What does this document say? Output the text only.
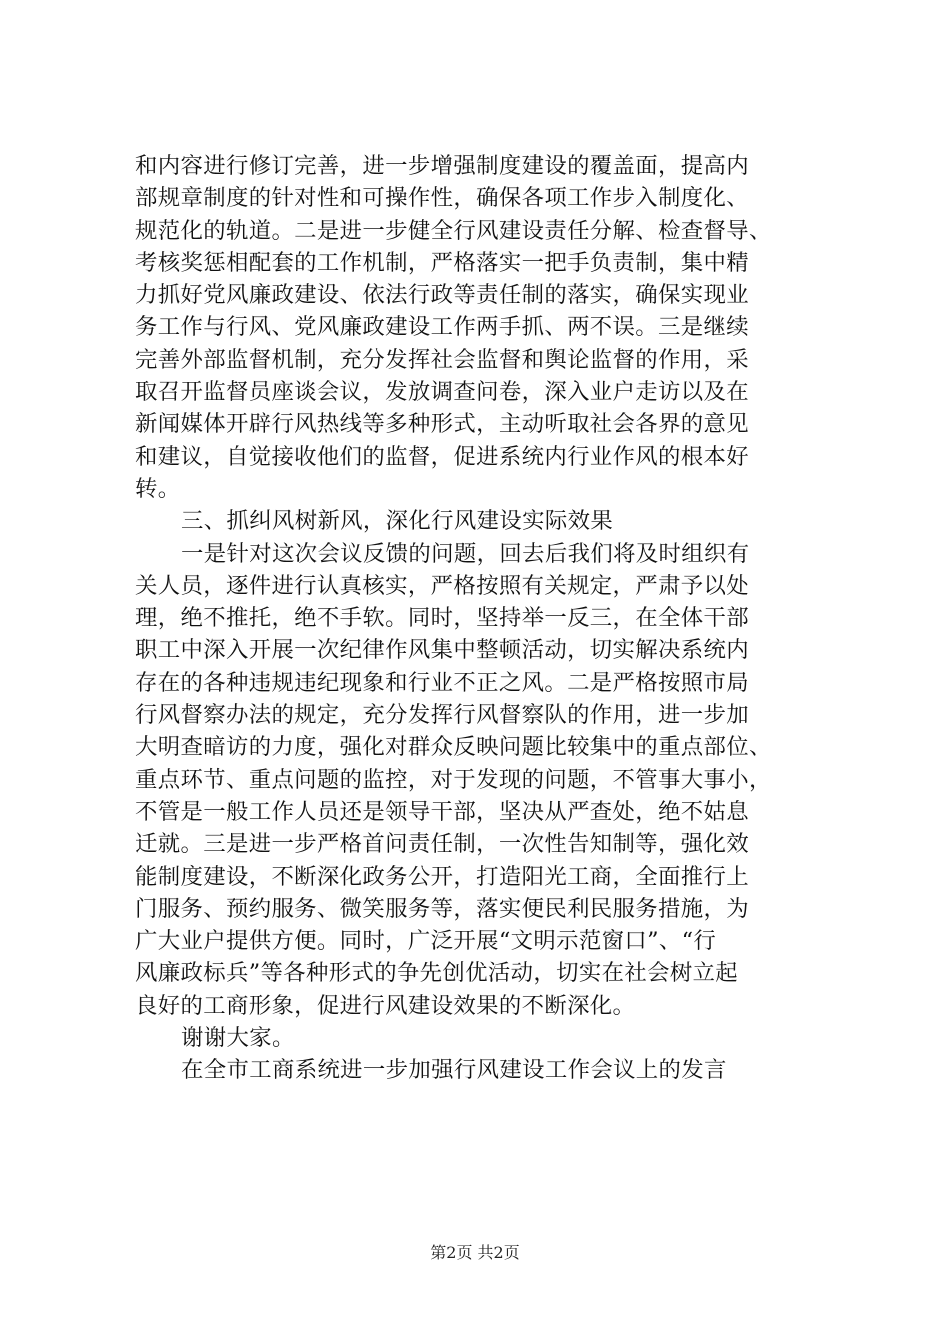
和内容进行修订完善，进一步增强制度建设的覆盖面，提高内
部规章制度的针对性和可操作性，确保各项工作步入制度化、
规范化的轨道。二是进一步健全行风建设责任分解、检查督导、
考核奖惩相配套的工作机制，严格落实一把手负责制，集中精
力抓好党风廉政建设、依法行政等责任制的落实，确保实现业
务工作与行风、党风廉政建设工作两手抓、两不误。三是继续
完善外部监督机制，充分发挥社会监督和舆论监督的作用，采
取召开监督员座谈会议，发放调查问卷，深入业户走访以及在
新闻媒体开辟行风热线等多种形式，主动听取社会各界的意见
和建议，自觉接收他们的监督，促进系统内行业作风的根本好
转。
三、抓纠风树新风，深化行风建设实际效果
一是针对这次会议反馈的问题，回去后我们将及时组织有
关人员，逐件进行认真核实，严格按照有关规定，严肃予以处
理，绝不推托，绝不手软。同时，坚持举一反三，在全体干部
职工中深入开展一次纪律作风集中整顿活动，切实解决系统内
存在的各种违规违纪现象和行业不正之风。二是严格按照市局
行风督察办法的规定，充分发挥行风督察队的作用，进一步加
大明查暗访的力度，强化对群众反映问题比较集中的重点部位、
重点环节、重点问题的监控，对于发现的问题，不管事大事小，
不管是一般工作人员还是领导干部，坚决从严查处，绝不姑息
迁就。三是进一步严格首问责任制，一次性告知制等，强化效
能制度建设，不断深化政务公开，打造阳光工商，全面推行上
门服务、预约服务、微笑服务等，落实便民利民服务措施，为
广大业户提供方便。同时，广泛开展“文明示范窗口”、“行
风廉政标兵”等各种形式的争先创优活动，切实在社会树立起
良好的工商形象，促进行风建设效果的不断深化。
谢谢大家。
在全市工商系统进一步加强行风建设工作会议上的发言
第2页 共2页
